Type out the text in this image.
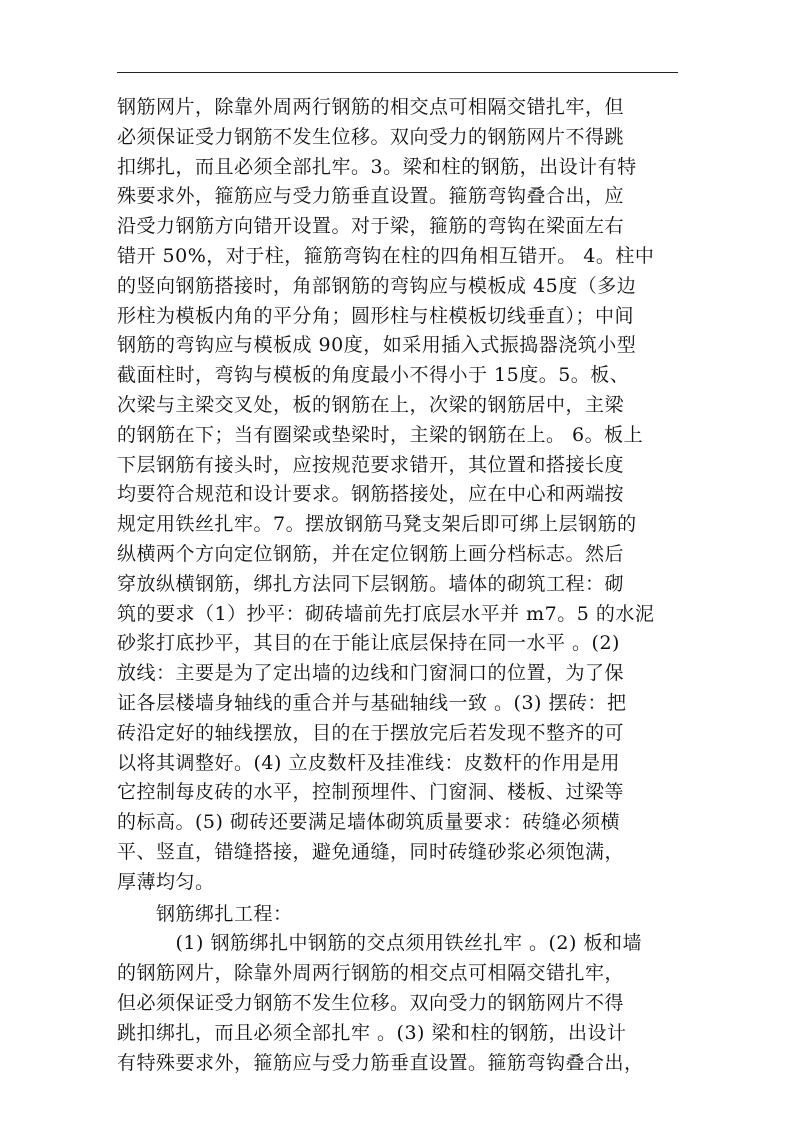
钢筋网片，除靠外周两行钢筋的相交点可相隔交错扎牢，但
必须保证受力钢筋不发生位移。双向受力的钢筋网片不得跳
扣绑扎，而且必须全部扎牢。3。梁和柱的钢筋，出设计有特
殊要求外，箍筋应与受力筋垂直设置。箍筋弯钩叠合出，应
沿受力钢筋方向错开设置。对于梁，箍筋的弯钩在梁面左右
错开 50%，对于柱，箍筋弯钩在柱的四角相互错开。 4。柱中
的竖向钢筋搭接时，角部钢筋的弯钩应与模板成 45度（多边
形柱为模板内角的平分角；圆形柱与柱模板切线垂直）；中间
钢筋的弯钩应与模板成 90度，如采用插入式振捣器浇筑小型
截面柱时，弯钩与模板的角度最小不得小于 15度。5。板、
次梁与主梁交叉处，板的钢筋在上，次梁的钢筋居中，主梁
的钢筋在下；当有圈梁或垫梁时，主梁的钢筋在上。 6。板上
下层钢筋有接头时，应按规范要求错开，其位置和搭接长度
均要符合规范和设计要求。钢筋搭接处，应在中心和两端按
规定用铁丝扎牢。7。摆放钢筋马凳支架后即可绑上层钢筋的
纵横两个方向定位钢筋，并在定位钢筋上画分档标志。然后
穿放纵横钢筋，绑扎方法同下层钢筋。墙体的砌筑工程：砌
筑的要求（1）抄平：砌砖墙前先打底层水平并 m7。5 的水泥
砂浆打底抄平，其目的在于能让底层保持在同一水平 。(2)
放线：主要是为了定出墙的边线和门窗洞口的位置，为了保
证各层楼墙身轴线的重合并与基础轴线一致 。(3) 摆砖：把
砖沿定好的轴线摆放，目的在于摆放完后若发现不整齐的可
以将其调整好。(4) 立皮数杆及挂准线：皮数杆的作用是用
它控制每皮砖的水平，控制预埋件、门窗洞、楼板、过梁等
的标高。(5) 砌砖还要满足墙体砌筑质量要求：砖缝必须横
平、竖直，错缝搭接，避免通缝，同时砖缝砂浆必须饱满，
厚薄均匀。
　　钢筋绑扎工程：
　　　(1) 钢筋绑扎中钢筋的交点须用铁丝扎牢 。(2) 板和墙
的钢筋网片，除靠外周两行钢筋的相交点可相隔交错扎牢，
但必须保证受力钢筋不发生位移。双向受力的钢筋网片不得
跳扣绑扎，而且必须全部扎牢 。(3) 梁和柱的钢筋，出设计
有特殊要求外，箍筋应与受力筋垂直设置。箍筋弯钩叠合出，
